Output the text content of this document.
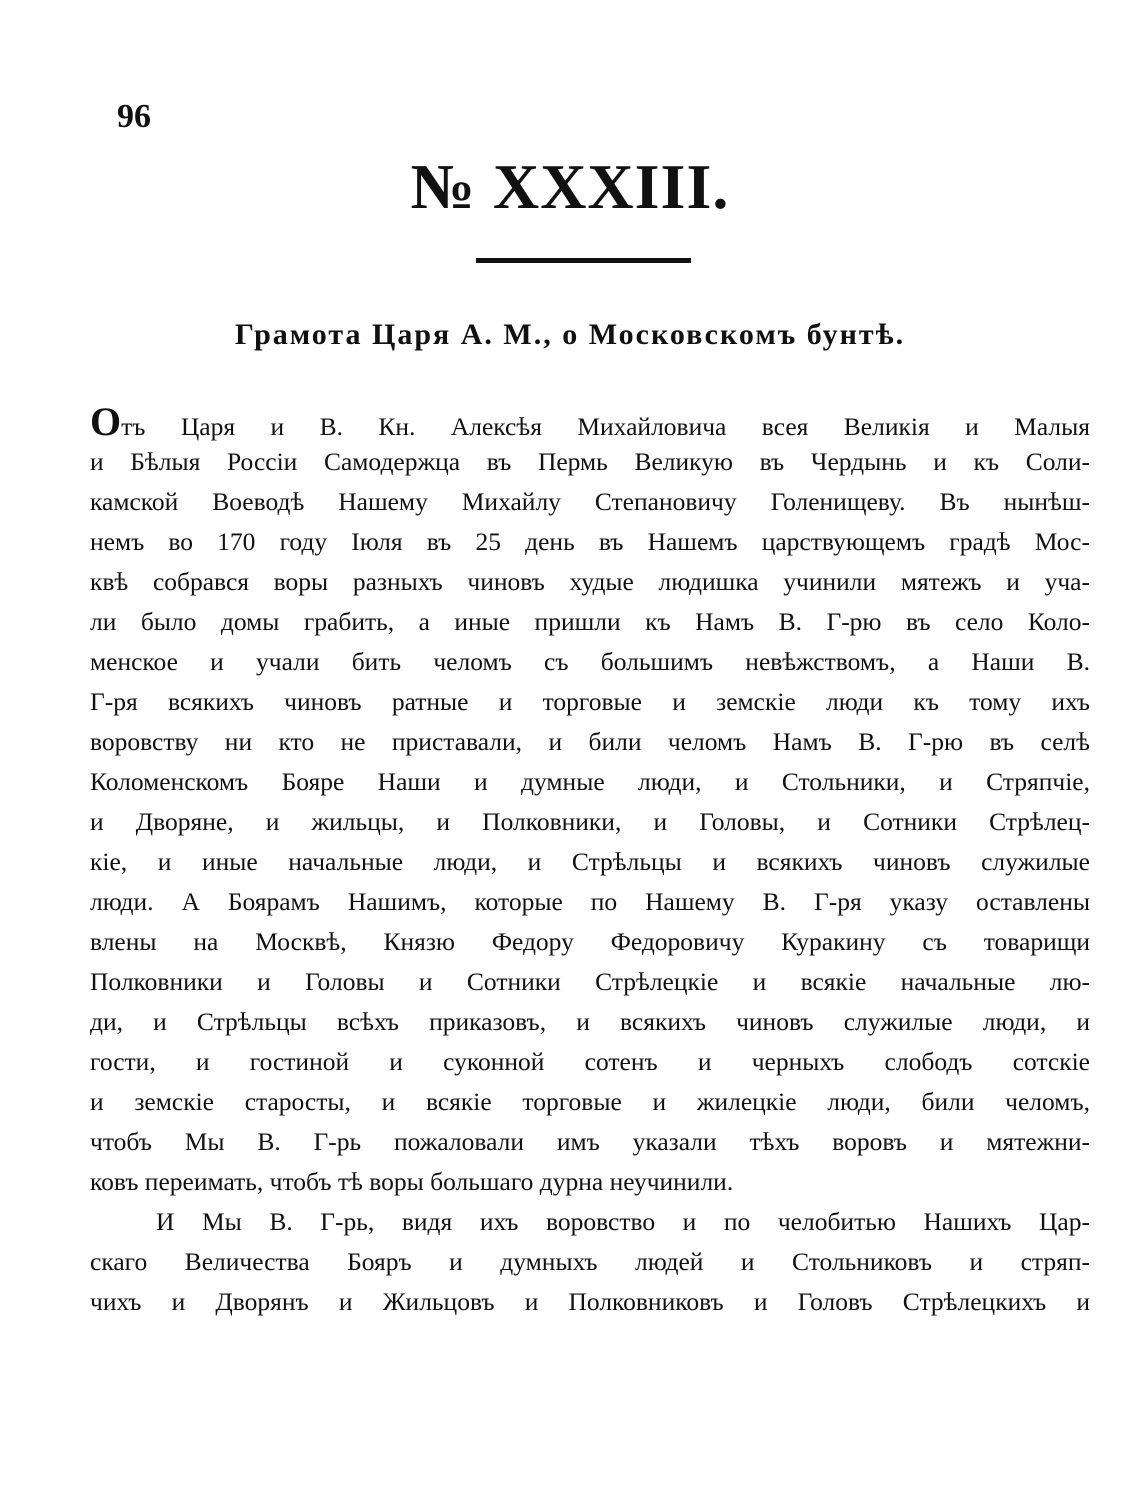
96
№ XXXIII.
Грамота Царя А. М., о Московскомъ бунтѣ.
Отъ Царя и В. Кн. Алексѣя Михайловича всея Великія и Малыя
и Бѣлыя Россіи Самодержца въ Пермь Великую въ Чердынь и къ Соли-
камской Воеводѣ Нашему Михайлу Степановичу Голенищеву. Въ нынѣш-
немъ во 170 году Іюля въ 25 день въ Нашемъ царствующемъ градѣ Мос-
квѣ собрався воры разныхъ чиновъ худые людишка учинили мятежъ и уча-
ли было домы грабить, а иные пришли къ Намъ В. Г-рю въ село Коло-
менское и учали бить челомъ съ большимъ невѣжствомъ, а Наши В.
Г-ря всякихъ чиновъ ратные и торговые и земскіе люди къ тому ихъ
воровству ни кто не приставали, и били челомъ Намъ В. Г-рю въ селѣ
Коломенскомъ Бояре Наши и думные люди, и Стольники, и Стряпчіе,
и Дворяне, и жильцы, и Полковники, и Головы, и Сотники Стрѣлец-
кіе, и иные начальные люди, и Стрѣльцы и всякихъ чиновъ служилые
люди. А Боярамъ Нашимъ, которые по Нашему В. Г-ря указу оставлены
влены на Москвѣ, Князю Федору Федоровичу Куракину съ товарищи
Полковники и Головы и Сотники Стрѣлецкіе и всякіе начальные лю-
ди, и Стрѣльцы всѣхъ приказовъ, и всякихъ чиновъ служилые люди, и
гости, и гостиной и суконной сотенъ и черныхъ слободъ сотскіе
и земскіе старосты, и всякіе торговые и жилецкіе люди, били челомъ,
чтобъ Мы В. Г-рь пожаловали имъ указали тѣхъ воровъ и мятежни-
ковъ переимать, чтобъ тѣ воры большаго дурна неучинили.
И Мы В. Г-рь, видя ихъ воровство и по челобитью Нашихъ Цар-
скаго Величества Бояръ и думныхъ людей и Стольниковъ и стряп-
чихъ и Дворянъ и Жильцовъ и Полковниковъ и Головъ Стрѣлецкихъ и
